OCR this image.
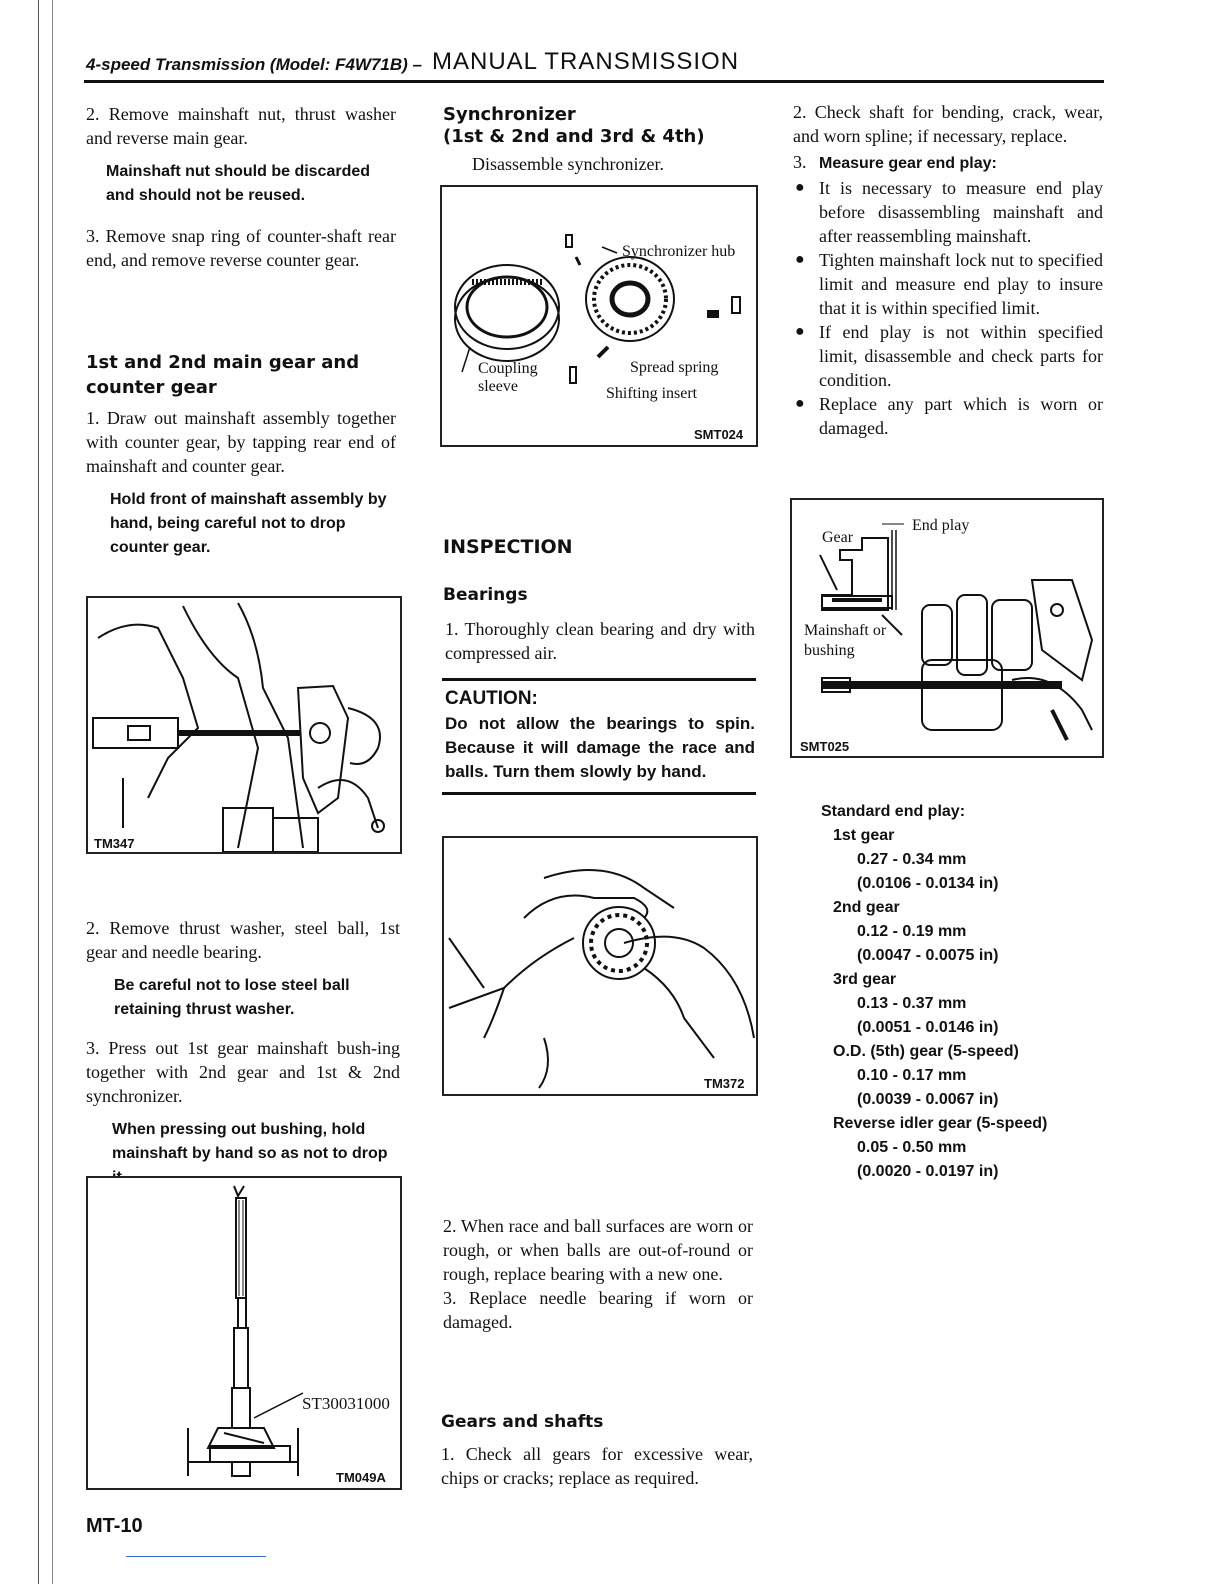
4-speed Transmission (Model: F4W71B) – MANUAL TRANSMISSION

2. Remove mainshaft nut, thrust washer and reverse main gear.

Mainshaft nut should be discarded and should not be reused.

3. Remove snap ring of counter-shaft rear end, and remove reverse counter gear.

1st and 2nd main gear and counter gear

1. Draw out mainshaft assembly together with counter gear, by tapping rear end of mainshaft and counter gear.

Hold front of mainshaft assembly by hand, being careful not to drop counter gear.

TM347

2. Remove thrust washer, steel ball, 1st gear and needle bearing.

Be careful not to lose steel ball retaining thrust washer.

3. Press out 1st gear mainshaft bush-ing together with 2nd gear and 1st & 2nd synchronizer.

When pressing out bushing, hold mainshaft by hand so as not to drop

ST30031000
TM049A
Synchronizer
(1st & 2nd and 3rd & 4th)

Disassemble synchronizer.

Synchronizer hub
Coupling
sleeve
Spread spring
Shifting insert
SMT024
INSPECTION
Bearings

1. Thoroughly clean bearing and dry with compressed air.

CAUTION:

Do not allow the bearings to spin. Because it will damage the race and balls. Turn them slowly by hand.

TM372

2. When race and ball surfaces are worn or rough, or when balls are out-of-round or rough, replace bearing with a new one.

3. Replace needle bearing if worn or damaged.

Gears and shafts

1. Check all gears for excessive wear, chips or cracks; replace as required.

2. Check shaft for bending, crack, wear, and worn spline; if necessary, replace.

3. Measure gear end play:
● It is necessary to measure end play before disassembling mainshaft and after reassembling mainshaft.
● Tighten mainshaft lock nut to specified limit and measure end play to insure that it is within specified limit.
● If end play is not within specified limit, disassemble and check parts for condition.
● Replace any part which is worn or damaged.
Gear
End play
Mainshaft or
bushing
SMT025
Standard end play:
1st gear
0.27 - 0.34 mm
(0.0106 - 0.0134 in)
2nd gear
0.12 - 0.19 mm
(0.0047 - 0.0075 in)
3rd gear
0.13 - 0.37 mm
(0.0051 - 0.0146 in)
O.D. (5th) gear (5-speed)
0.10 - 0.17 mm
(0.0039 - 0.0067 in)
Reverse idler gear (5-speed)
0.05 - 0.50 mm
(0.0020 - 0.0197 in)
MT-10
